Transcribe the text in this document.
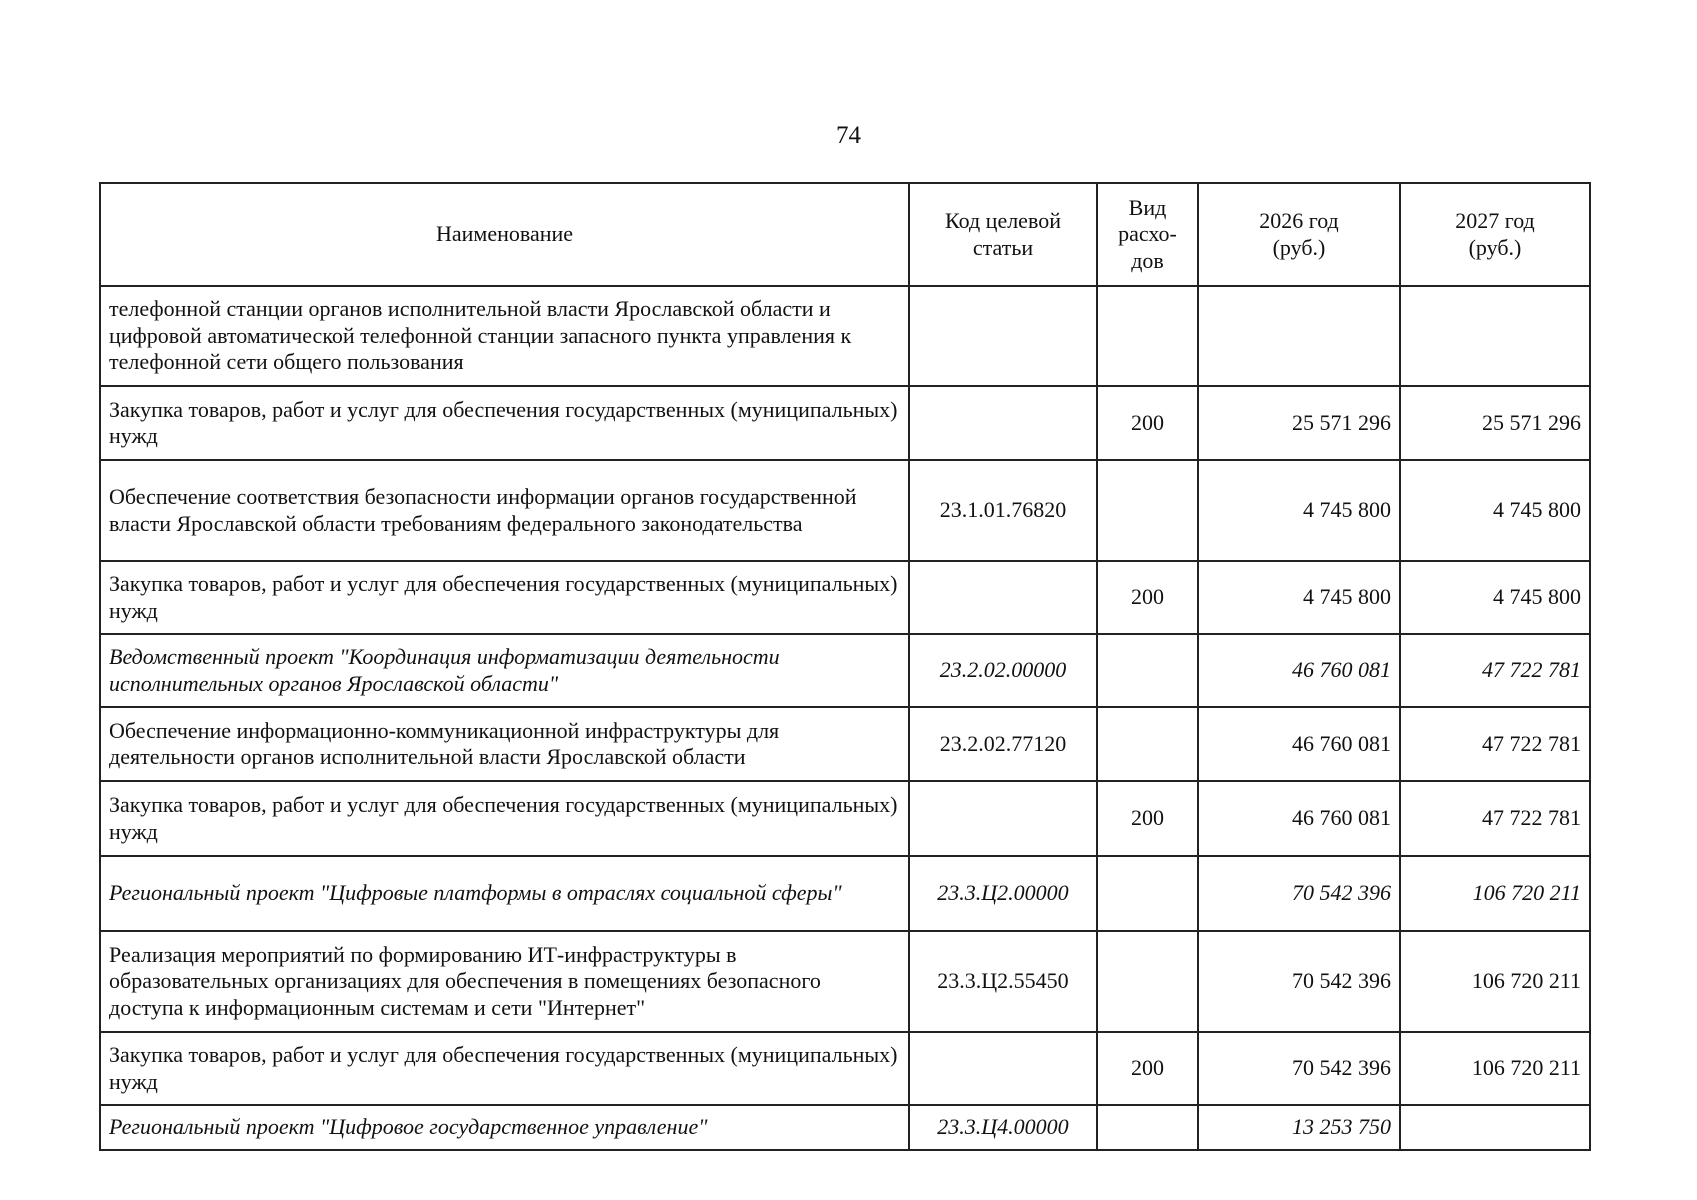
74
Наименование	Код целевой статьи	Вид расхо-дов	2026 год (руб.)	2027 год (руб.)
телефонной станции органов исполнительной власти Ярославской области и цифровой автоматической телефонной станции запасного пункта управления к телефонной сети общего пользования				
Закупка товаров, работ и услуг для обеспечения государственных (муниципальных) нужд		200	25 571 296	25 571 296
Обеспечение соответствия безопасности информации органов государственной власти Ярославской области требованиям федерального законодательства	23.1.01.76820		4 745 800	4 745 800
Закупка товаров, работ и услуг для обеспечения государственных (муниципальных) нужд		200	4 745 800	4 745 800
Ведомственный проект "Координация информатизации деятельности исполнительных органов Ярославской области"	23.2.02.00000		46 760 081	47 722 781
Обеспечение информационно-коммуникационной инфраструктуры для деятельности органов исполнительной власти Ярославской области	23.2.02.77120		46 760 081	47 722 781
Закупка товаров, работ и услуг для обеспечения государственных (муниципальных) нужд		200	46 760 081	47 722 781
Региональный проект "Цифровые платформы в отраслях социальной сферы"	23.3.Ц2.00000		70 542 396	106 720 211
Реализация мероприятий по формированию ИТ-инфраструктуры в образовательных организациях для обеспечения в помещениях безопасного доступа к информационным системам и сети "Интернет"	23.3.Ц2.55450		70 542 396	106 720 211
Закупка товаров, работ и услуг для обеспечения государственных (муниципальных) нужд		200	70 542 396	106 720 211
Региональный проект "Цифровое государственное управление"	23.3.Ц4.00000		13 253 750	
